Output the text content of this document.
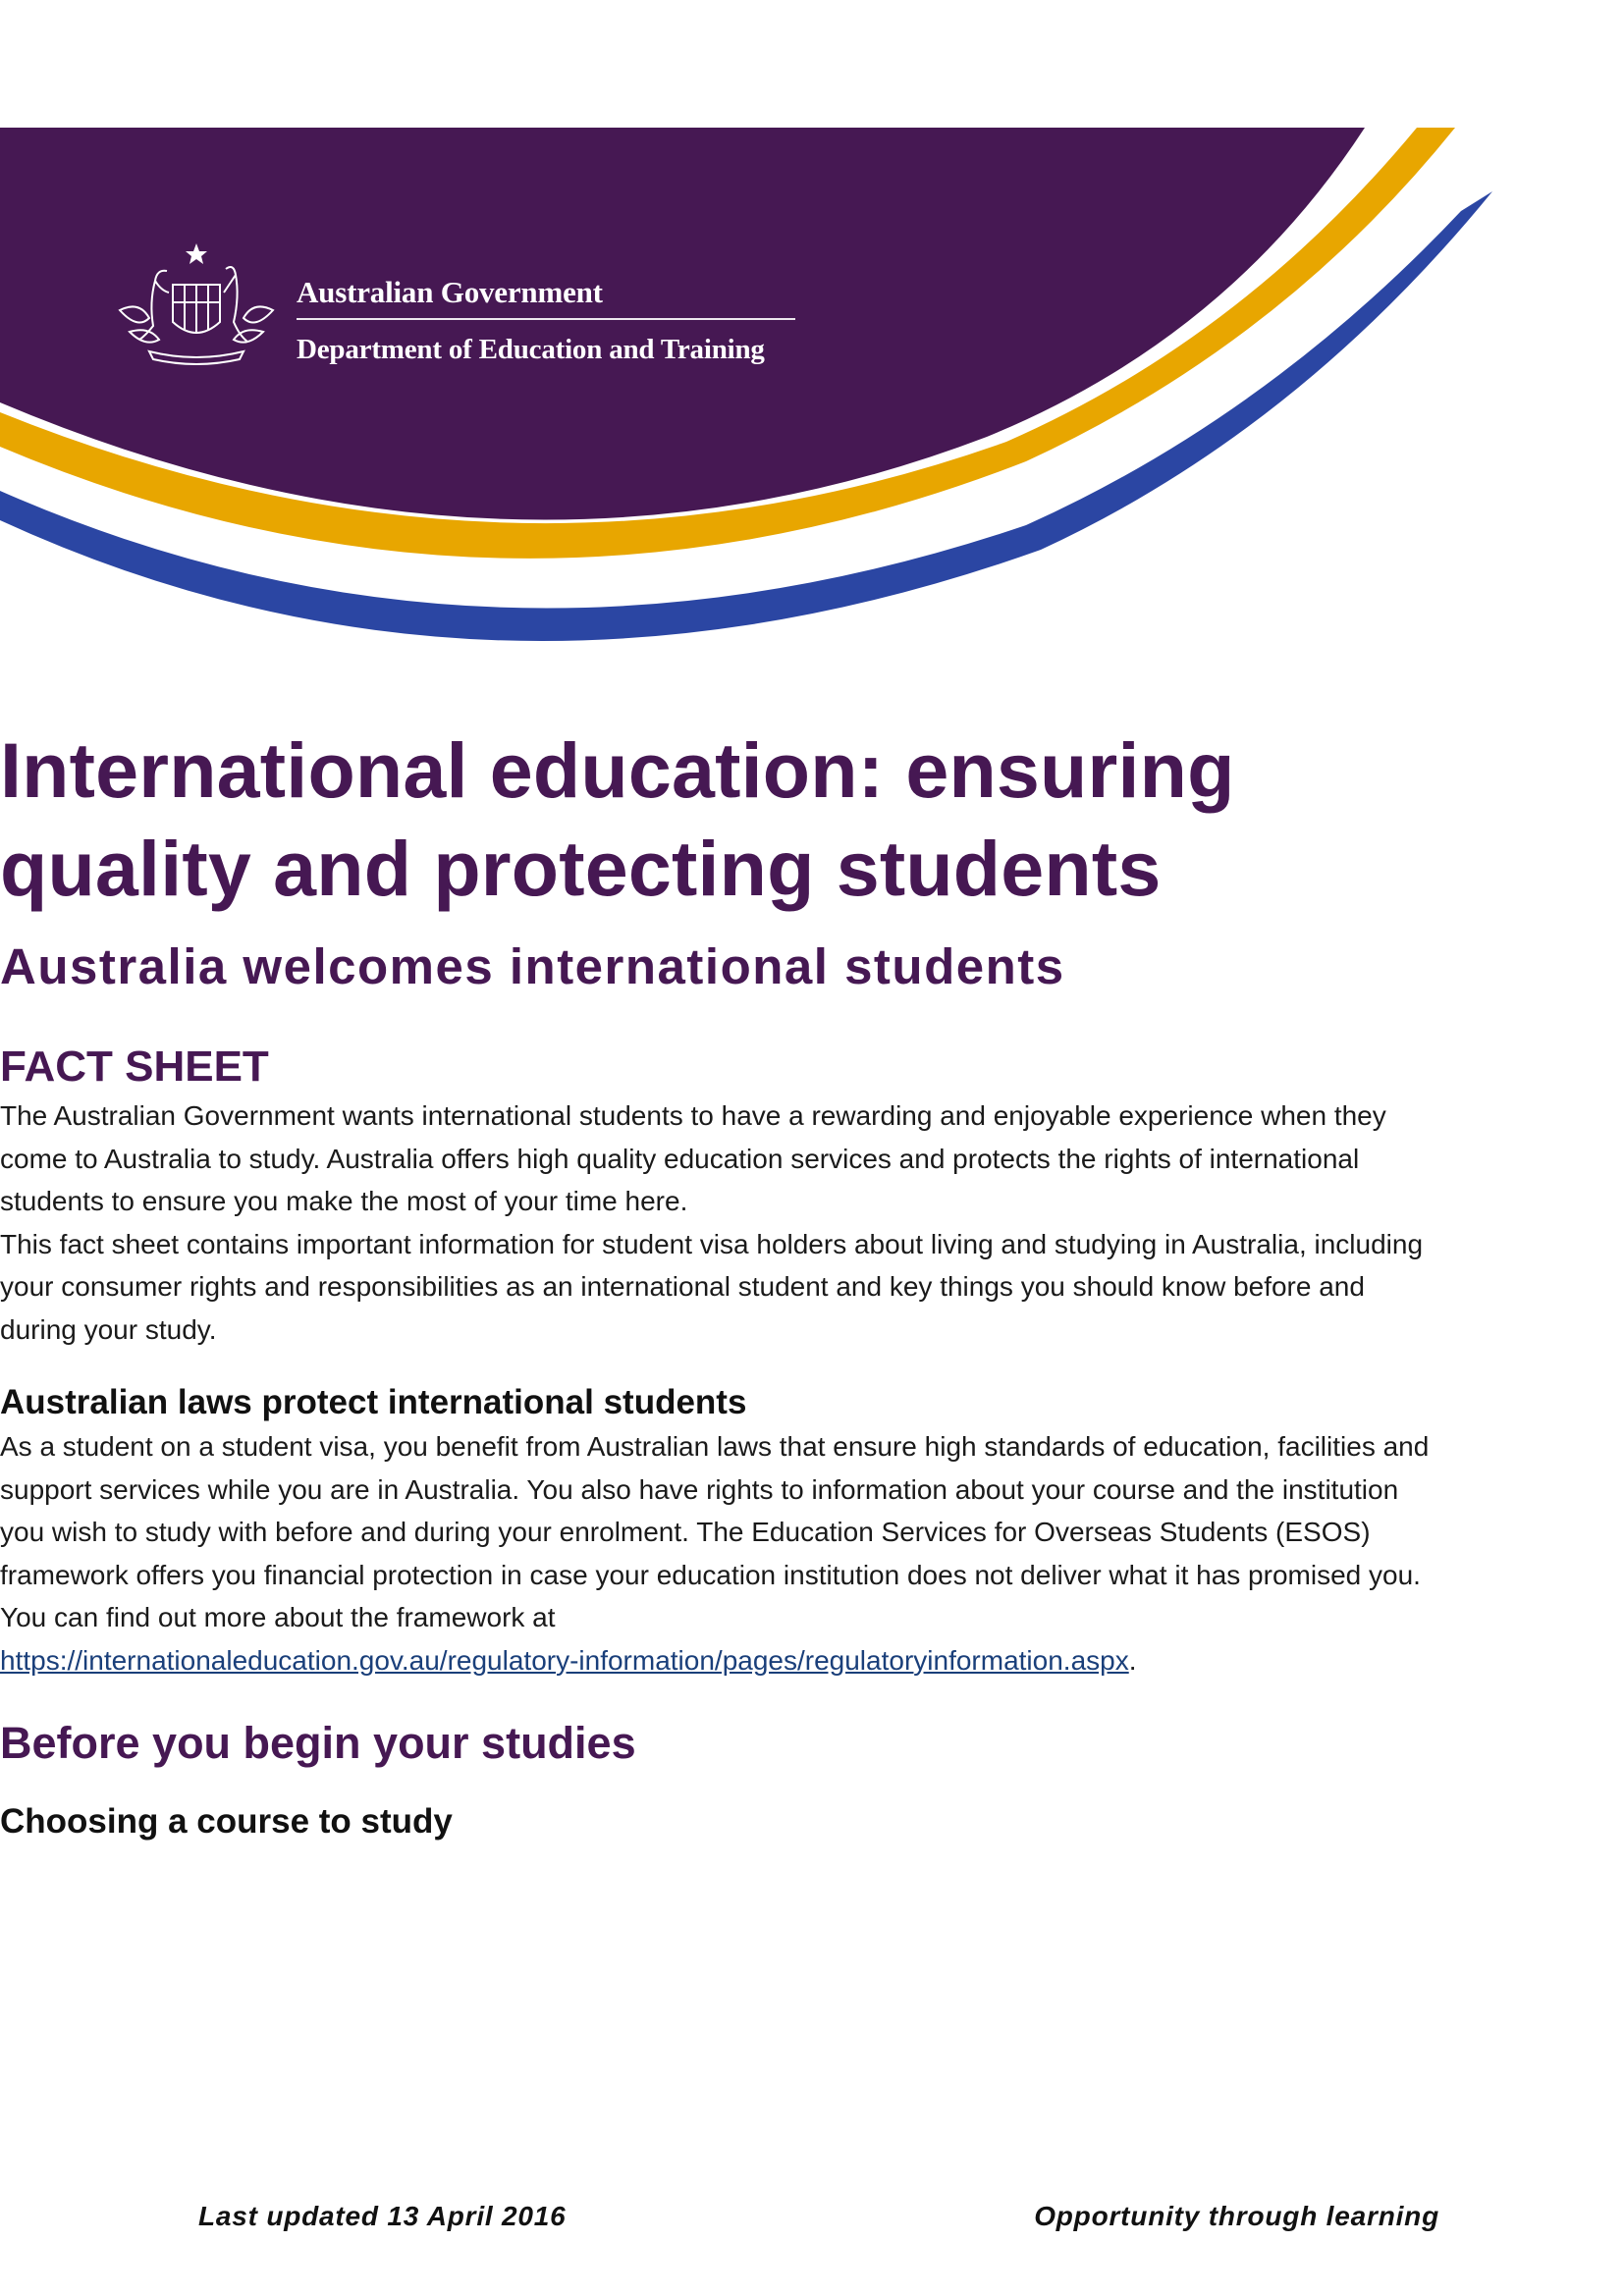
Australian Government
Department of Education and Training
International education: ensuring quality and protecting students
Australia welcomes international students
FACT SHEET

The Australian Government wants international students to have a rewarding and enjoyable experience when they come to Australia to study. Australia offers high quality education services and protects the rights of international students to ensure you make the most of your time here.

This fact sheet contains important information for student visa holders about living and studying in Australia, including your consumer rights and responsibilities as an international student and key things you should know before and during your study.

Australian laws protect international students

As a student on a student visa, you benefit from Australian laws that ensure high standards of education, facilities and support services while you are in Australia. You also have rights to information about your course and the institution you wish to study with before and during your enrolment. The Education Services for Overseas Students (ESOS) framework offers you financial protection in case your education institution does not deliver what it has promised you.

You can find out more about the framework at
https://internationaleducation.gov.au/regulatory-information/pages/regulatoryinformation.aspx.

Before you begin your studies
Choosing a course to study
Last updated 13 April 2016	Opportunity through learning
